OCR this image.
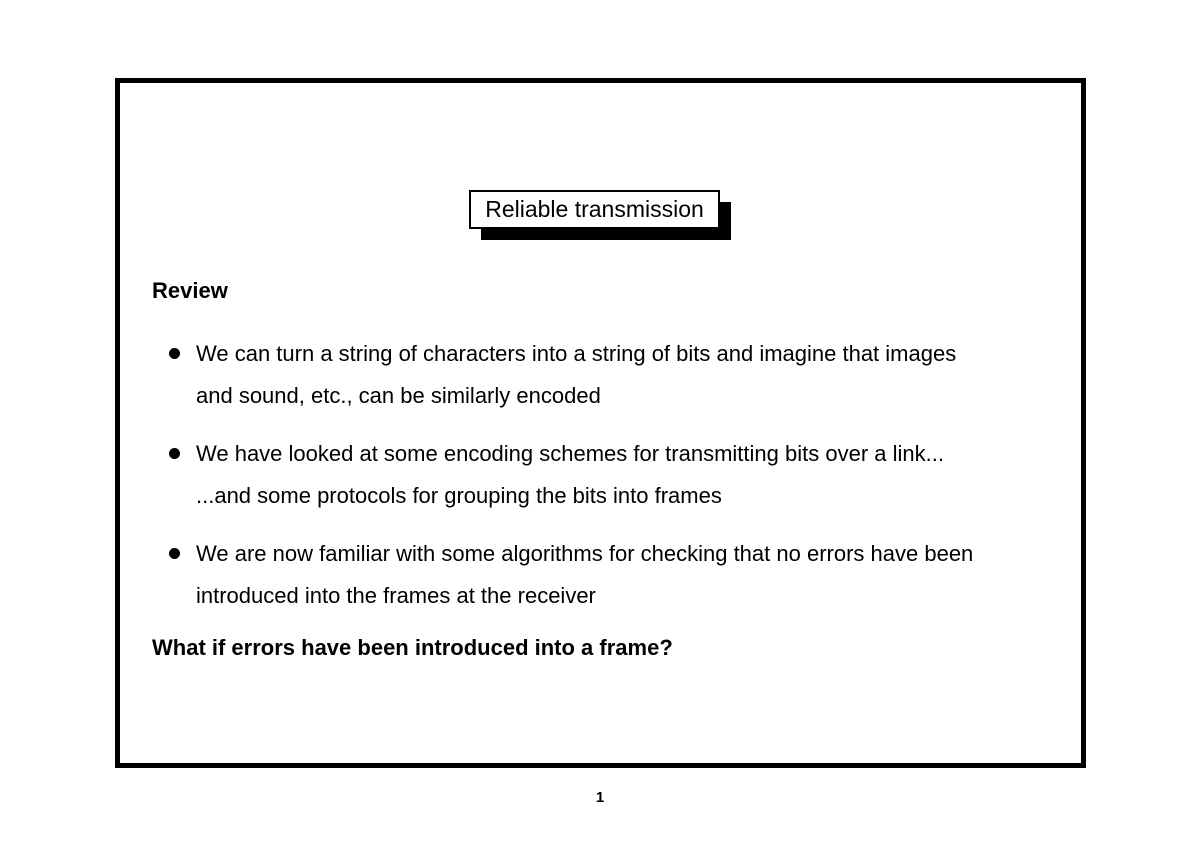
Reliable transmission
Review
We can turn a string of characters into a string of bits and imagine that images
and sound, etc., can be similarly encoded
We have looked at some encoding schemes for transmitting bits over a link...
...and some protocols for grouping the bits into frames
We are now familiar with some algorithms for checking that no errors have been
introduced into the frames at the receiver
What if errors have been introduced into a frame?
1
